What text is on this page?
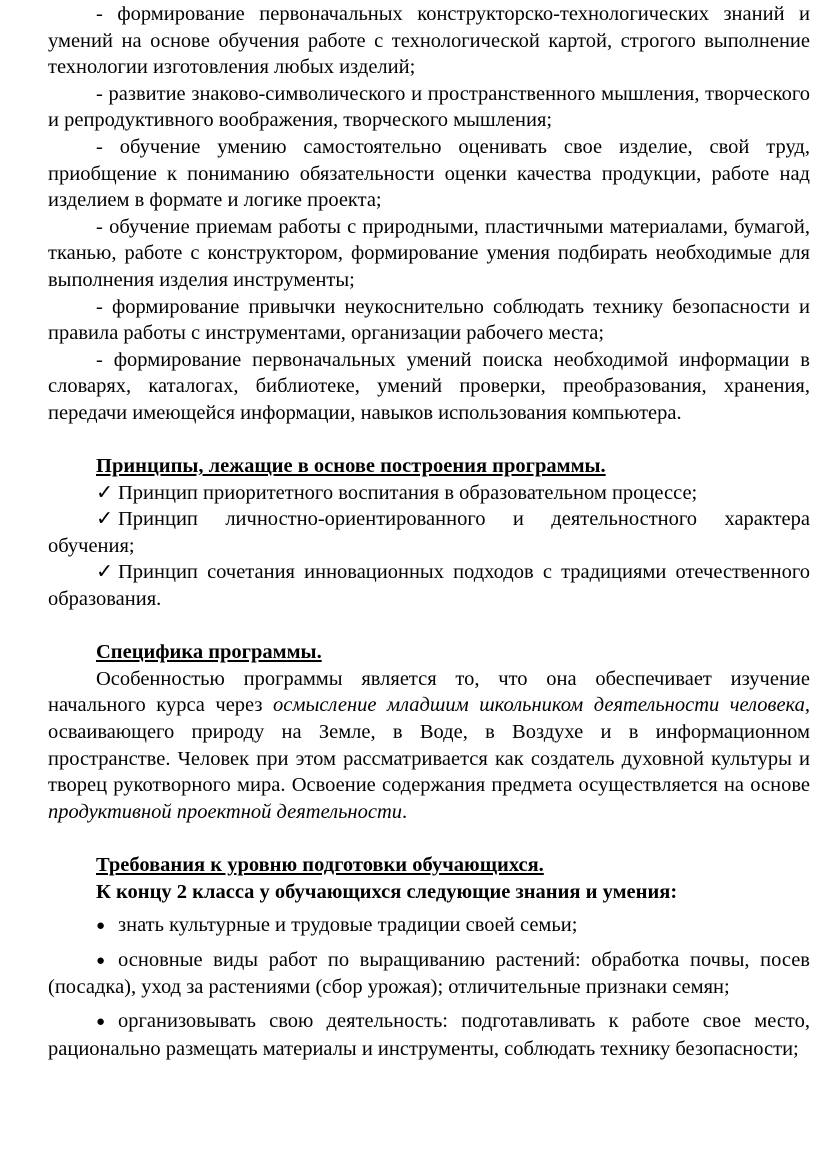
- формирование первоначальных конструкторско-технологических знаний и умений на основе обучения работе с технологической картой, строгого выполнение технологии изготовления любых изделий;

- развитие знаково-символического и пространственного мышления, творческого и репродуктивного воображения, творческого мышления;

- обучение умению самостоятельно оценивать свое изделие, свой труд, приобщение к пониманию обязательности оценки качества продукции, работе над изделием в формате и логике проекта;

- обучение приемам работы с природными, пластичными материалами, бумагой, тканью, работе с конструктором, формирование умения подбирать необходимые для выполнения изделия инструменты;

- формирование привычки неукоснительно соблюдать технику безопасности и правила работы с инструментами, организации рабочего места;

- формирование первоначальных умений поиска необходимой информации в словарях, каталогах, библиотеке, умений проверки, преобразования, хранения, передачи имеющейся информации, навыков использования компьютера.

Принципы, лежащие в основе построения программы.

✓ Принцип приоритетного воспитания в образовательном процессе;

✓ Принцип личностно-ориентированного и деятельностного характера обучения;

✓ Принцип сочетания инновационных подходов с традициями отечественного образования.

Специфика программы.

Особенностью программы является то, что она обеспечивает изучение начального курса через осмысление младшим школьником деятельности человека, осваивающего природу на Земле, в Воде, в Воздухе и в информационном пространстве. Человек при этом рассматривается как создатель духовной культуры и творец рукотворного мира. Освоение содержания предмета осуществляется на основе продуктивной проектной деятельности.

Требования к уровню подготовки обучающихся.

К концу 2 класса у обучающихся следующие знания и умения:

● знать культурные и трудовые традиции своей семьи;

● основные виды работ по выращиванию растений: обработка почвы, посев (посадка), уход за растениями (сбор урожая); отличительные признаки семян;

● организовывать свою деятельность: подготавливать к работе свое место, рационально размещать материалы и инструменты, соблюдать технику безопасности;
